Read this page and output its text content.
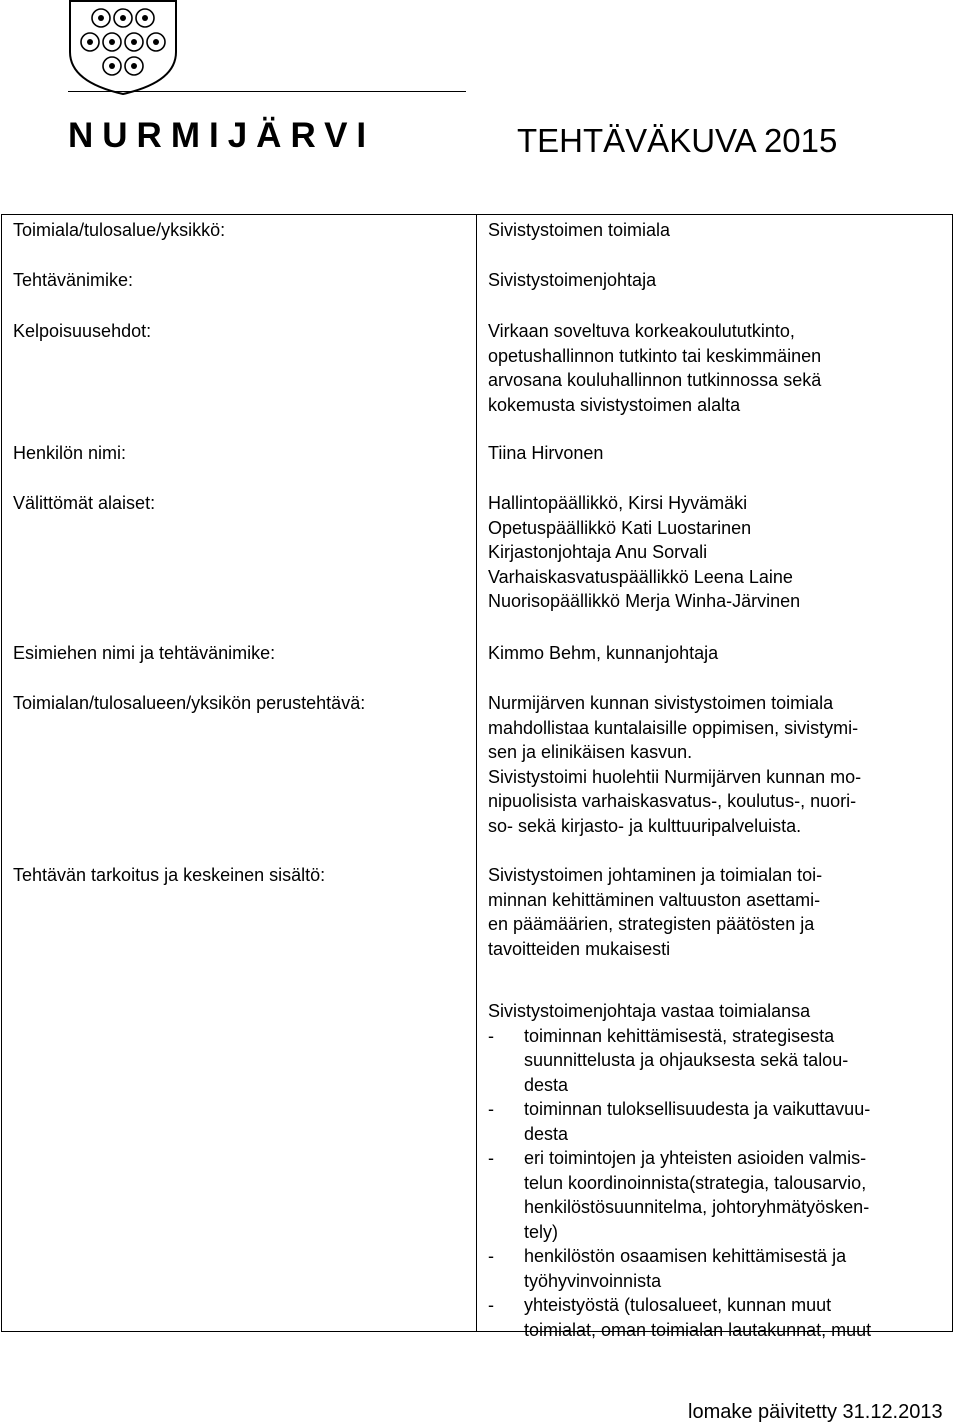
NURMIJÄRVI	TEHTÄVÄKUVA 2015
Toimiala/tulosalue/yksikkö:	Sivistystoimen toimiala
Tehtävänimike:	Sivistystoimenjohtaja
Kelpoisuusehdot:	Virkaan soveltuva korkeakoulututkinto,
opetushallinnon tutkinto tai keskimmäinen
arvosana kouluhallinnon tutkinnossa sekä
kokemusta sivistystoimen alalta
Henkilön nimi:	Tiina Hirvonen
Välittömät alaiset:	Hallintopäällikkö, Kirsi Hyvämäki
Opetuspäällikkö Kati Luostarinen
Kirjastonjohtaja Anu Sorvali
Varhaiskasvatuspäällikkö Leena Laine
Nuorisopäällikkö Merja Winha-Järvinen
Esimiehen nimi ja tehtävänimike:	Kimmo Behm, kunnanjohtaja
Toimialan/tulosalueen/yksikön perustehtävä:	Nurmijärven kunnan sivistystoimen toimiala
mahdollistaa kuntalaisille oppimisen, sivistymi-
sen ja elinikäisen kasvun.
Sivistystoimi huolehtii Nurmijärven kunnan mo-
nipuolisista varhaiskasvatus-, koulutus-, nuori-
so- sekä kirjasto- ja kulttuuripalveluista.
Tehtävän tarkoitus ja keskeinen sisältö:	Sivistystoimen johtaminen ja toimialan toi-
minnan kehittäminen valtuuston asettami-
en päämäärien, strategisten päätösten ja
tavoitteiden mukaisesti
Sivistystoimenjohtaja vastaa toimialansa
- toiminnan kehittämisestä, strategisesta
suunnittelusta ja ohjauksesta sekä talou-
desta
- toiminnan tuloksellisuudesta ja vaikuttavuu-
desta
- eri toimintojen ja yhteisten asioiden valmis-
telun koordinoinnista(strategia, talousarvio,
henkilöstösuunnitelma, johtoryhmätyösken-
tely)
- henkilöstön osaamisen kehittämisestä ja
työhyvinvoinnista
- yhteistyöstä (tulosalueet, kunnan muut
toimialat, oman toimialan lautakunnat, muut
lomake päivitetty 31.12.2013
